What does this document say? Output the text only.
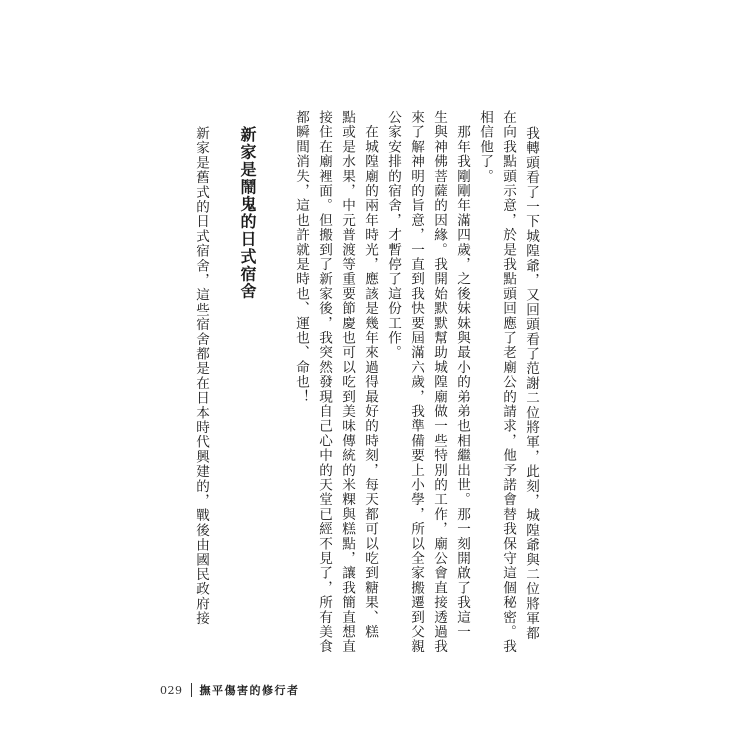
我轉頭看了一下城隍爺，又回頭看了范謝二位將軍，此刻，城隍爺與二位將軍都
在向我點頭示意，於是我點頭回應了老廟公的請求，他予諾會替我保守這個秘密。我
相信他了。
　那年我剛剛年滿四歲，之後妹妹與最小的弟弟也相繼出世。那一刻開啟了我這一
生與神佛菩薩的因緣。我開始默默幫助城隍廟做一些特別的工作，廟公會直接透過我
來了解神明的旨意，一直到我快要屆滿六歲，我準備要上小學，所以全家搬遷到父親
公家安排的宿舍，才暫停了這份工作。
　在城隍廟的兩年時光，應該是幾年來過得最好的時刻，每天都可以吃到糖果、糕
點或是水果，中元普渡等重要節慶也可以吃到美味傳統的米粿與糕點，讓我簡直想直
接住在廟裡面。但搬到了新家後，我突然發現自己心中的天堂已經不見了，所有美食
都瞬間消失，這也許就是時也、運也、命也！
新家是鬧鬼的日式宿舍
新家是舊式的日式宿舍，這些宿舍都是在日本時代興建的，戰後由國民政府接
029 撫平傷害的修行者
